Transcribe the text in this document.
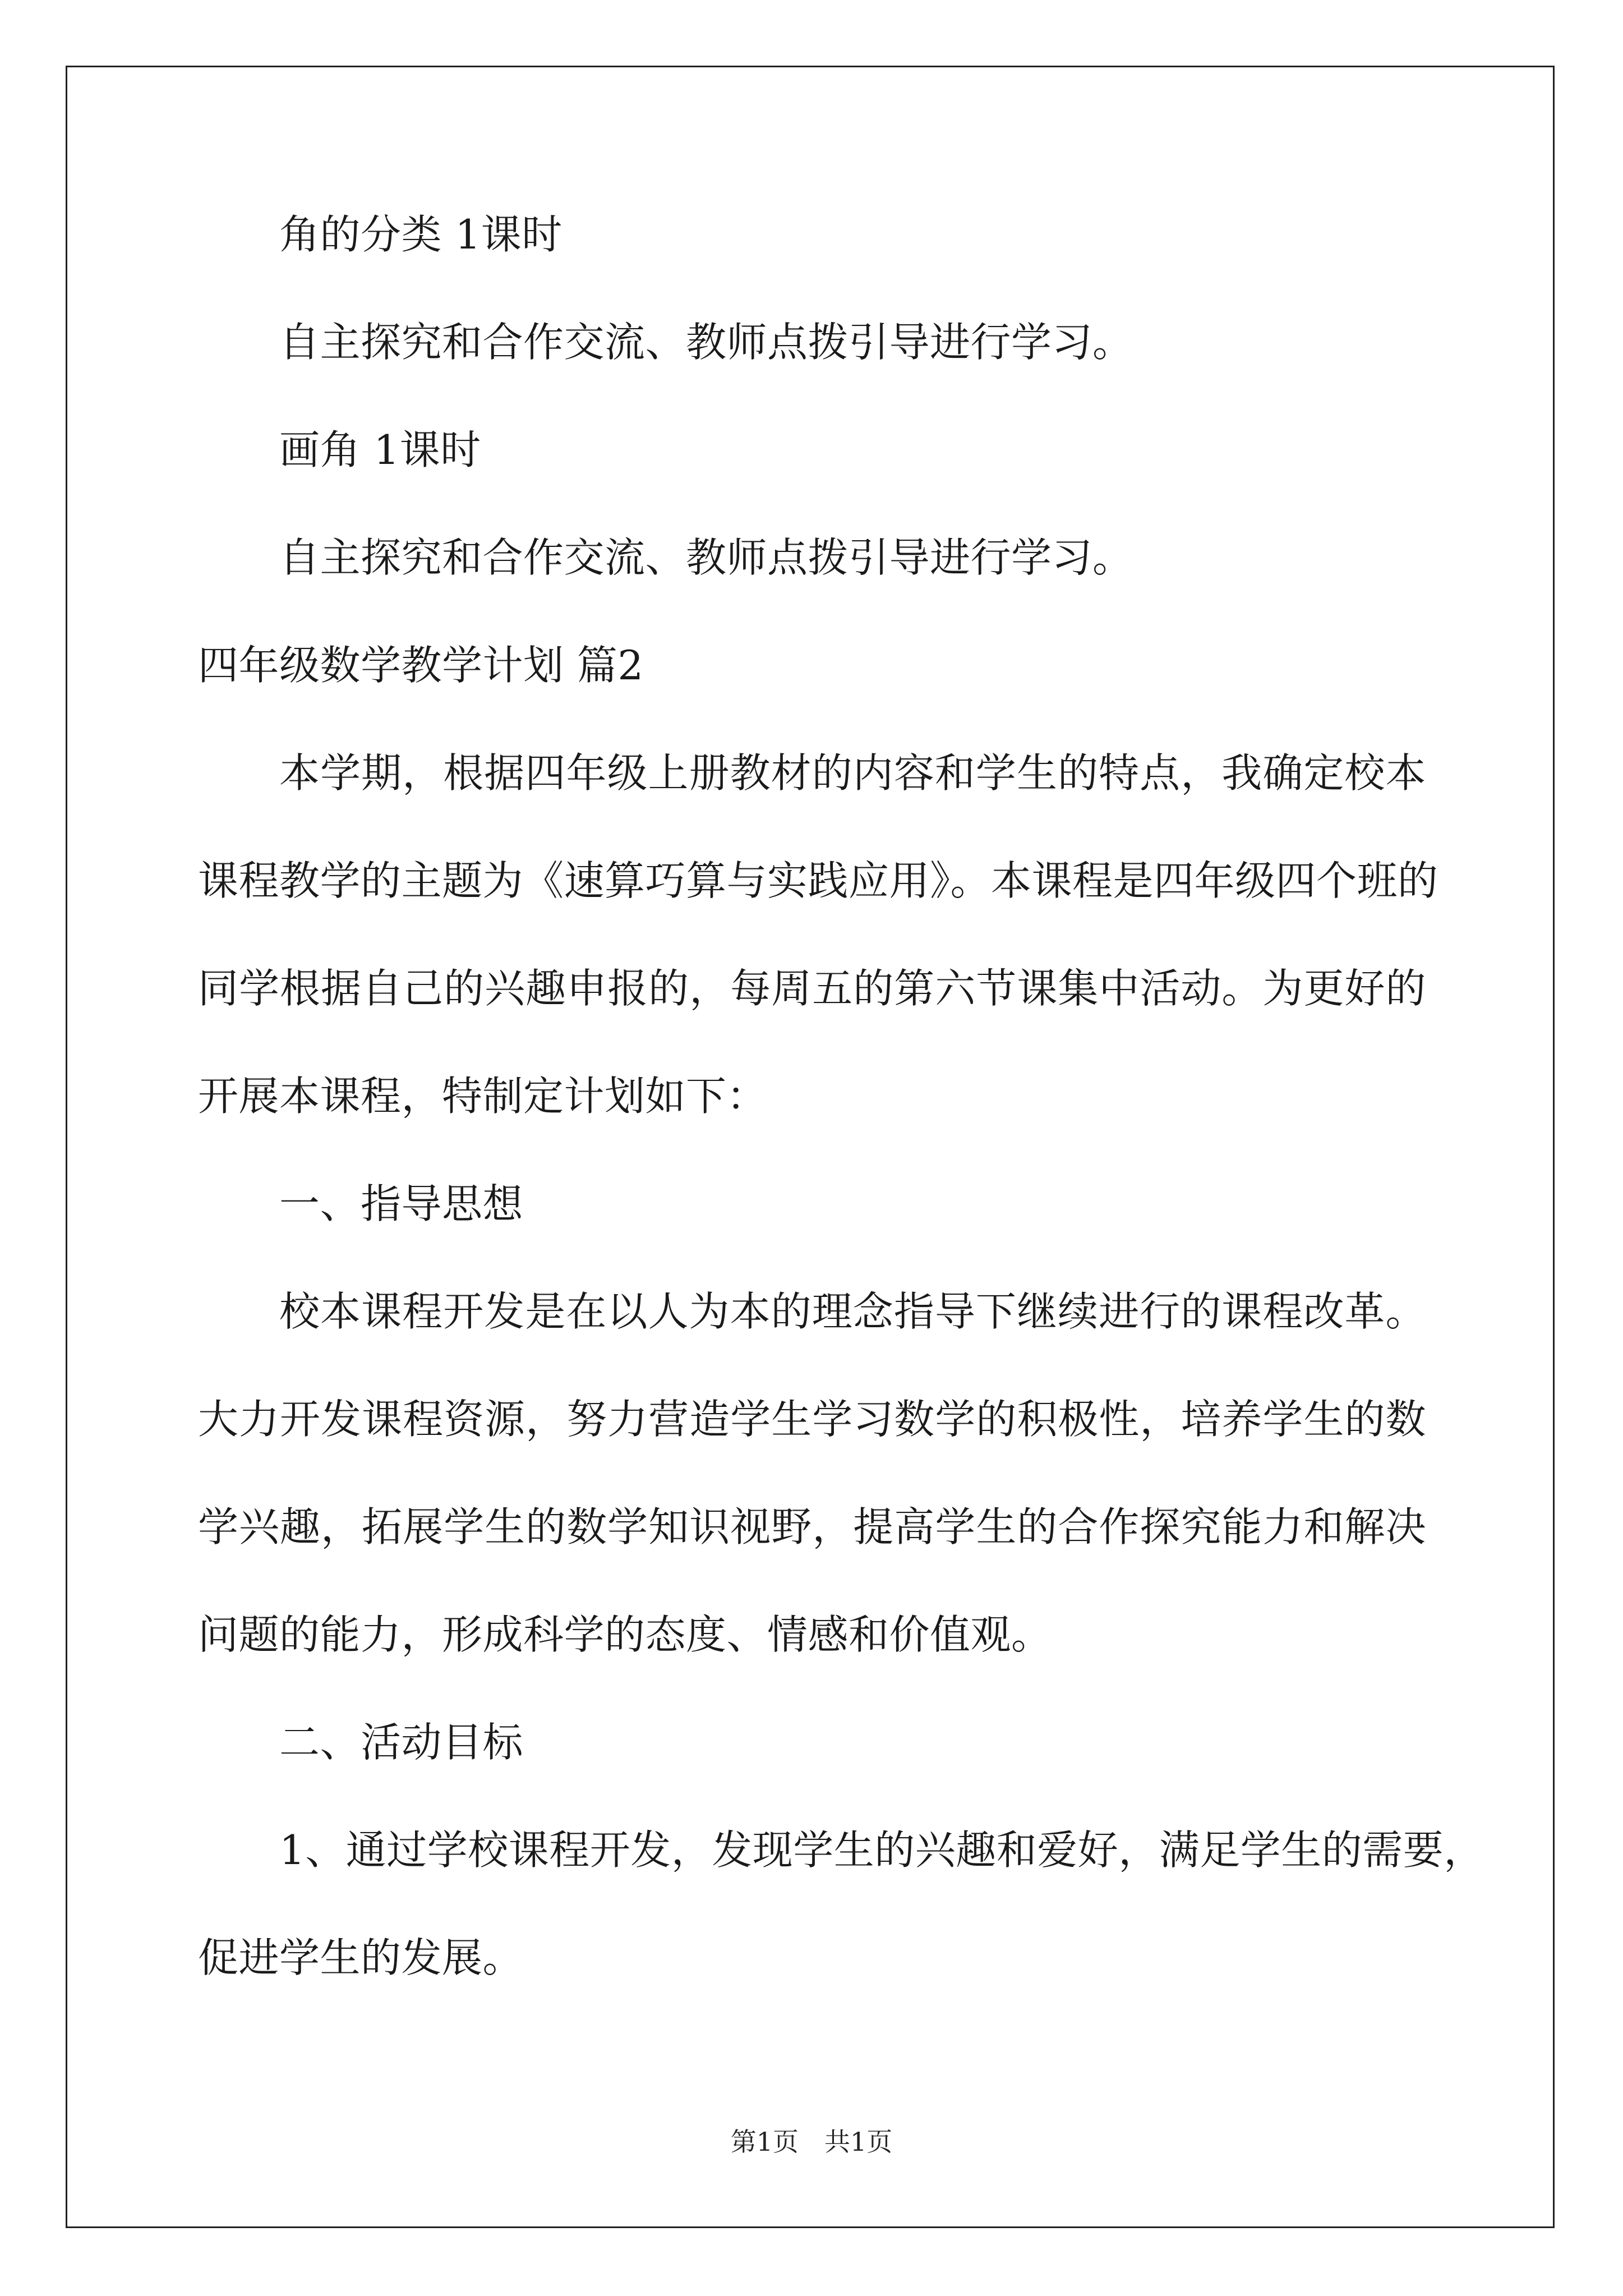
角的分类 1课时
自主探究和合作交流、教师点拨引导进行学习。
画角 1课时
自主探究和合作交流、教师点拨引导进行学习。
四年级数学教学计划 篇2
本学期，根据四年级上册教材的内容和学生的特点，我确定校本
课程教学的主题为《速算巧算与实践应用》。本课程是四年级四个班的
同学根据自己的兴趣申报的，每周五的第六节课集中活动。为更好的
开展本课程，特制定计划如下：
一、指导思想
校本课程开发是在以人为本的理念指导下继续进行的课程改革。
大力开发课程资源，努力营造学生学习数学的积极性，培养学生的数
学兴趣，拓展学生的数学知识视野，提高学生的合作探究能力和解决
问题的能力，形成科学的态度、情感和价值观。
二、活动目标
1、通过学校课程开发，发现学生的兴趣和爱好，满足学生的需要，
促进学生的发展。
第1页　共1页
